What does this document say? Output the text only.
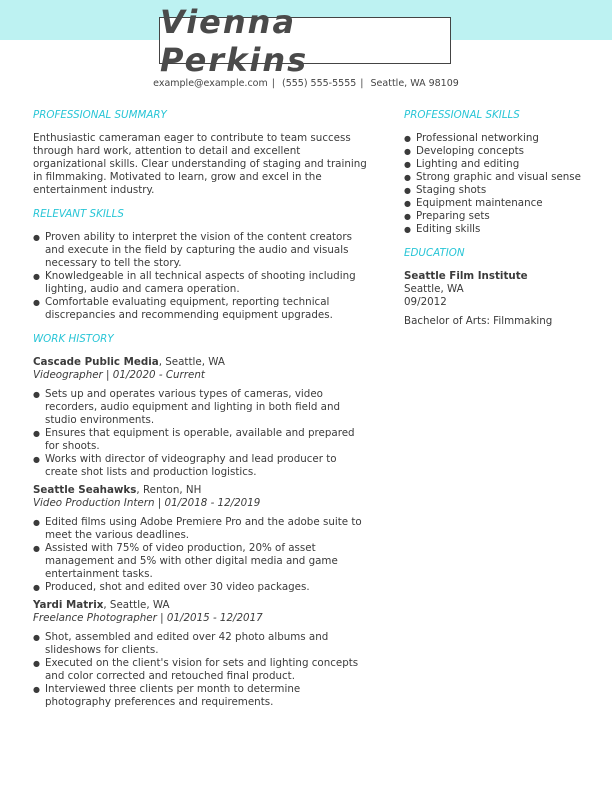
Vienna Perkins
example@example.com | (555) 555-5555 | Seattle, WA 98109
PROFESSIONAL SUMMARY

Enthusiastic cameraman eager to contribute to team success through hard work, attention to detail and excellent organizational skills. Clear understanding of staging and training in filmmaking. Motivated to learn, grow and excel in the entertainment industry.

RELEVANT SKILLS
● Proven ability to interpret the vision of the content creators and execute in the field by capturing the audio and visuals necessary to tell the story.
● Knowledgeable in all technical aspects of shooting including lighting, audio and camera operation.
● Comfortable evaluating equipment, reporting technical discrepancies and recommending equipment upgrades.
WORK HISTORY

Cascade Public Media, Seattle, WA

Videographer | 01/2020 - Current

● Sets up and operates various types of cameras, video recorders, audio equipment and lighting in both field and studio environments.
● Ensures that equipment is operable, available and prepared for shoots.
● Works with director of videography and lead producer to create shot lists and production logistics.

Seattle Seahawks, Renton, NH

Video Production Intern | 01/2018 - 12/2019

● Edited films using Adobe Premiere Pro and the adobe suite to meet the various deadlines.
● Assisted with 75% of video production, 20% of asset management and 5% with other digital media and game entertainment tasks.
● Produced, shot and edited over 30 video packages.

Yardi Matrix, Seattle, WA

Freelance Photographer | 01/2015 - 12/2017

● Shot, assembled and edited over 42 photo albums and slideshows for clients.
● Executed on the client's vision for sets and lighting concepts and color corrected and retouched final product.
● Interviewed three clients per month to determine photography preferences and requirements.
PROFESSIONAL SKILLS
● Professional networking
● Developing concepts
● Lighting and editing
● Strong graphic and visual sense
● Staging shots
● Equipment maintenance
● Preparing sets
● Editing skills
EDUCATION
Seattle Film Institute
Seattle, WA
09/2012
Bachelor of Arts: Filmmaking
